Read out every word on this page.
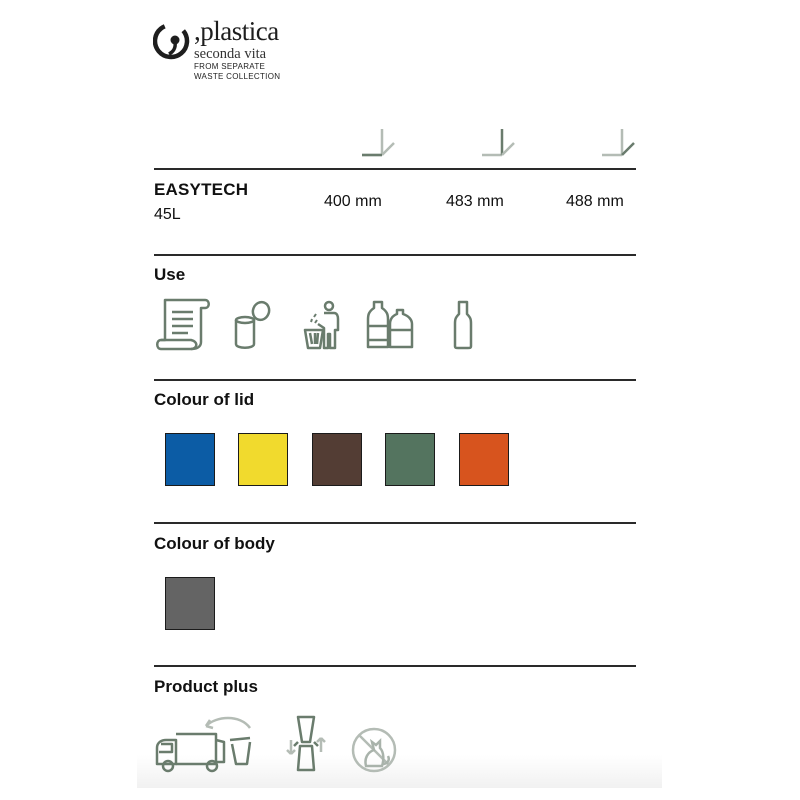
,plastica
seconda vita
FROM SEPARATE
WASTE COLLECTION
EASYTECH
45L
400 mm	483 mm	488 mm
Use
Colour of lid
Colour of body
Product plus
